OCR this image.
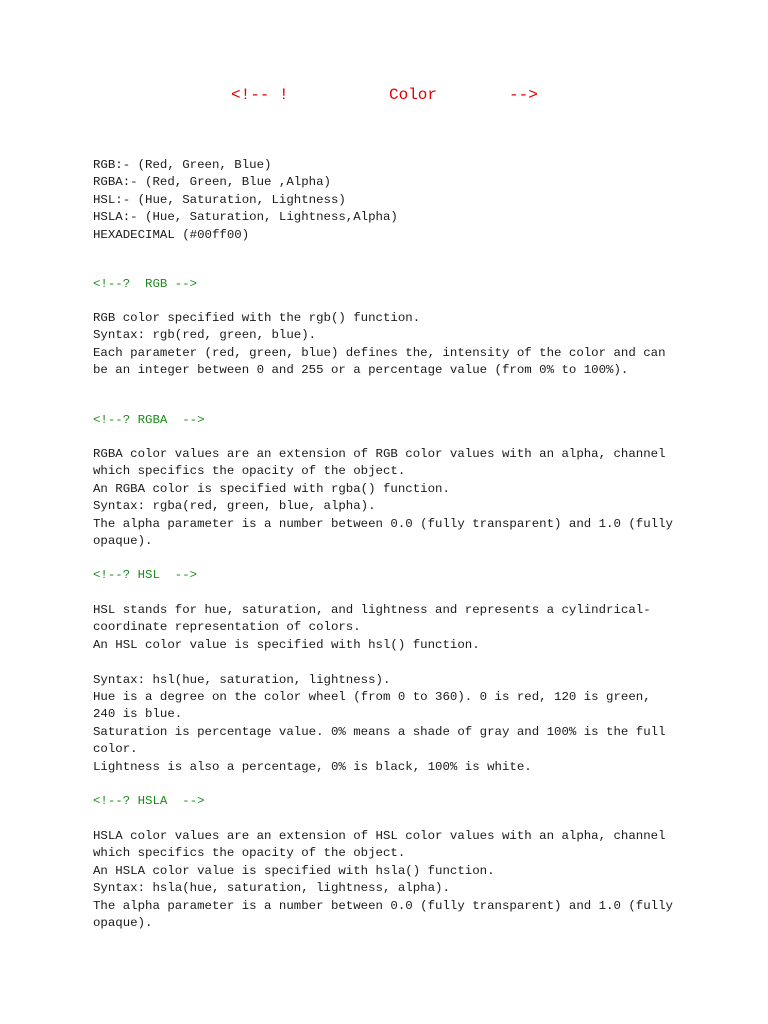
<!-- !	Color	-->
RGB:- (Red, Green, Blue)
RGBA:- (Red, Green, Blue ,Alpha)
HSL:- (Hue, Saturation, Lightness)
HSLA:- (Hue, Saturation, Lightness,Alpha)
HEXADECIMAL (#00ff00)
<!--?  RGB -->
RGB color specified with the rgb() function.
Syntax: rgb(red, green, blue).
Each parameter (red, green, blue) defines the, intensity of the color and can
be an integer between 0 and 255 or a percentage value (from 0% to 100%).
<!--? RGBA  -->
RGBA color values are an extension of RGB color values with an alpha, channel
which specifics the opacity of the object.
An RGBA color is specified with rgba() function.
Syntax: rgba(red, green, blue, alpha).
The alpha parameter is a number between 0.0 (fully transparent) and 1.0 (fully
opaque).
<!--? HSL  -->
HSL stands for hue, saturation, and lightness and represents a cylindrical-
coordinate representation of colors.
An HSL color value is specified with hsl() function.
Syntax: hsl(hue, saturation, lightness).
Hue is a degree on the color wheel (from 0 to 360). 0 is red, 120 is green,
240 is blue.
Saturation is percentage value. 0% means a shade of gray and 100% is the full
color.
Lightness is also a percentage, 0% is black, 100% is white.
<!--? HSLA  -->
HSLA color values are an extension of HSL color values with an alpha, channel
which specifics the opacity of the object.
An HSLA color value is specified with hsla() function.
Syntax: hsla(hue, saturation, lightness, alpha).
The alpha parameter is a number between 0.0 (fully transparent) and 1.0 (fully
opaque).
